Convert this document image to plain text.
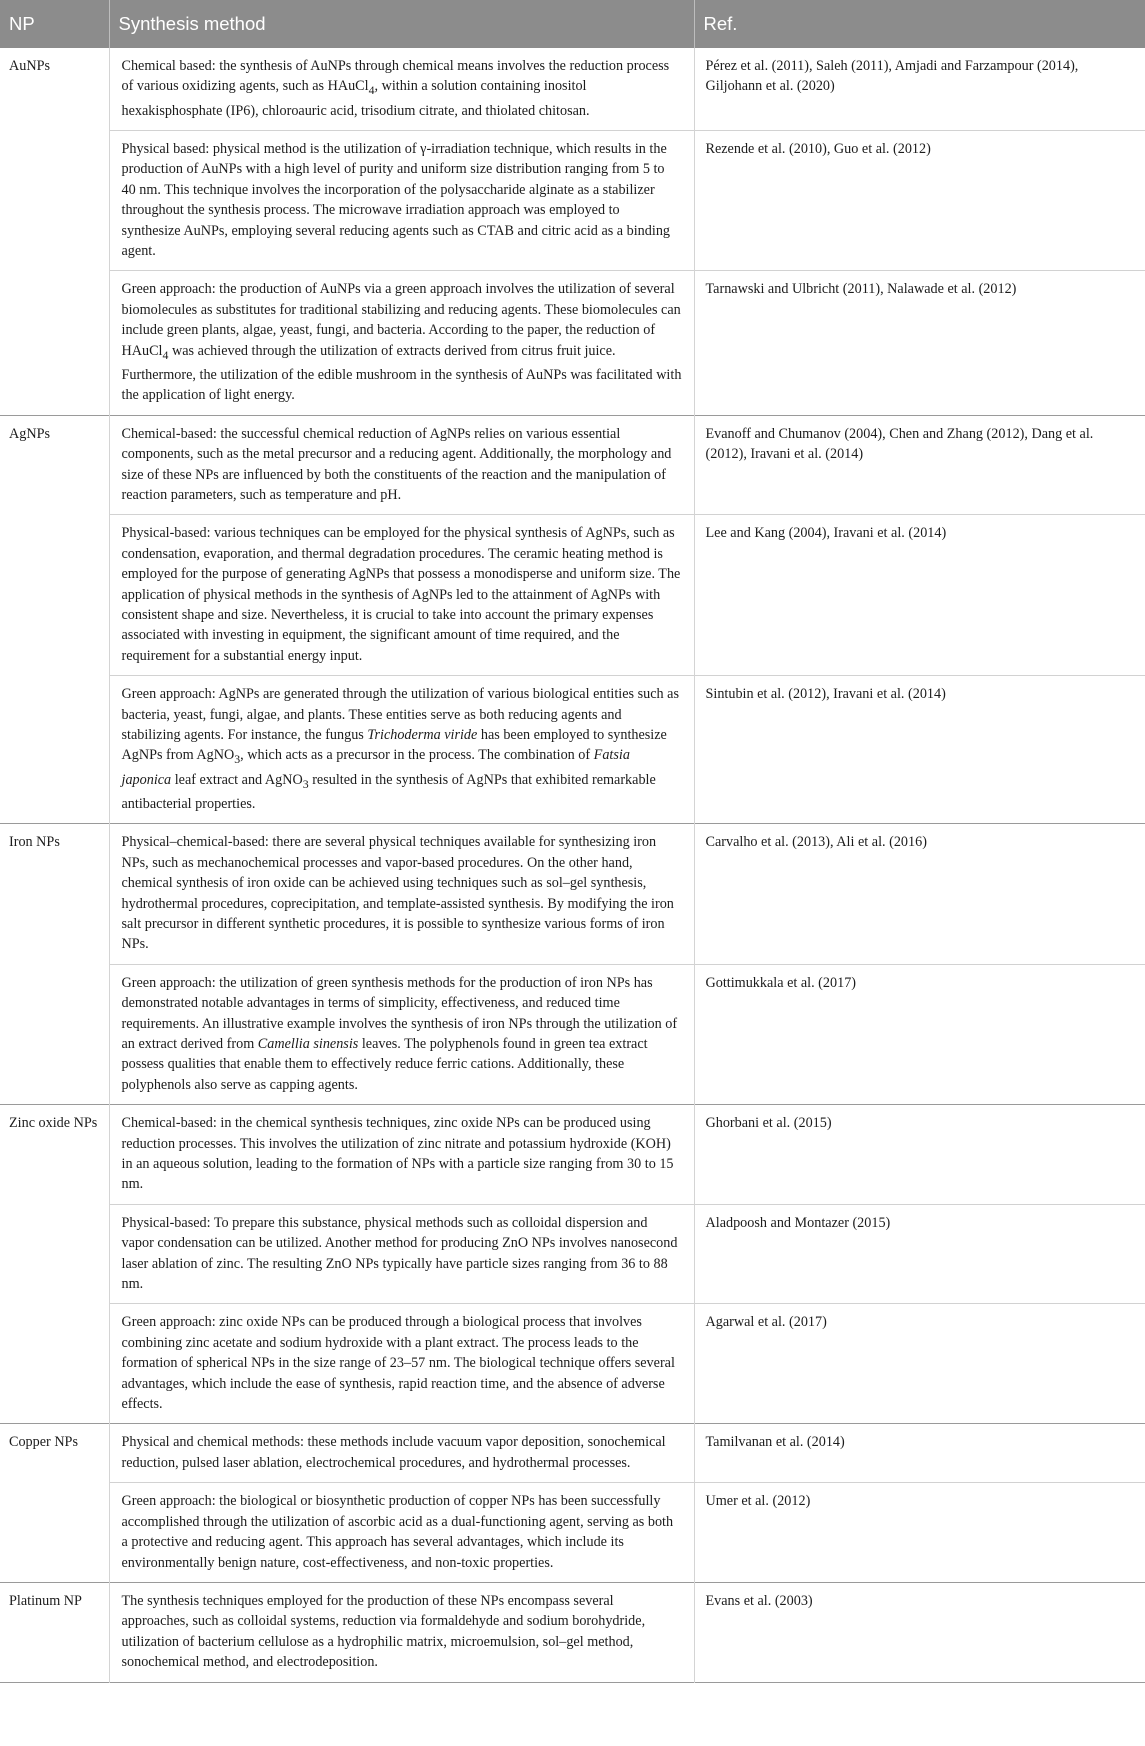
NP	Synthesis method	Ref.
AuNPs	Chemical based: the synthesis of AuNPs through chemical means involves the reduction process of various oxidizing agents, such as HAuCl$_4$, within a solution containing inositol hexakisphosphate (IP6), chloroauric acid, trisodium citrate, and thiolated chitosan.	Pérez et al. (2011), Saleh (2011), Amjadi and Farzampour (2014), Giljohann et al. (2020)
	Physical based: physical method is the utilization of γ-irradiation technique, which results in the production of AuNPs with a high level of purity and uniform size distribution ranging from 5 to 40 nm. This technique involves the incorporation of the polysaccharide alginate as a stabilizer throughout the synthesis process. The microwave irradiation approach was employed to synthesize AuNPs, employing several reducing agents such as CTAB and citric acid as a binding agent.	Rezende et al. (2010), Guo et al. (2012)
	Green approach: the production of AuNPs via a green approach involves the utilization of several biomolecules as substitutes for traditional stabilizing and reducing agents. These biomolecules can include green plants, algae, yeast, fungi, and bacteria. According to the paper, the reduction of HAuCl$_4$ was achieved through the utilization of extracts derived from citrus fruit juice. Furthermore, the utilization of the edible mushroom in the synthesis of AuNPs was facilitated with the application of light energy.	Tarnawski and Ulbricht (2011), Nalawade et al. (2012)
AgNPs	Chemical-based: the successful chemical reduction of AgNPs relies on various essential components, such as the metal precursor and a reducing agent. Additionally, the morphology and size of these NPs are influenced by both the constituents of the reaction and the manipulation of reaction parameters, such as temperature and pH.	Evanoff and Chumanov (2004), Chen and Zhang (2012), Dang et al. (2012), Iravani et al. (2014)
	Physical-based: various techniques can be employed for the physical synthesis of AgNPs, such as condensation, evaporation, and thermal degradation procedures. The ceramic heating method is employed for the purpose of generating AgNPs that possess a monodisperse and uniform size. The application of physical methods in the synthesis of AgNPs led to the attainment of AgNPs with consistent shape and size. Nevertheless, it is crucial to take into account the primary expenses associated with investing in equipment, the significant amount of time required, and the requirement for a substantial energy input.	Lee and Kang (2004), Iravani et al. (2014)
	Green approach: AgNPs are generated through the utilization of various biological entities such as bacteria, yeast, fungi, algae, and plants. These entities serve as both reducing agents and stabilizing agents. For instance, the fungus Trichoderma viride has been employed to synthesize AgNPs from AgNO$_3$, which acts as a precursor in the process. The combination of Fatsia japonica leaf extract and AgNO$_3$ resulted in the synthesis of AgNPs that exhibited remarkable antibacterial properties.	Sintubin et al. (2012), Iravani et al. (2014)
Iron NPs	Physical–chemical-based: there are several physical techniques available for synthesizing iron NPs, such as mechanochemical processes and vapor-based procedures. On the other hand, chemical synthesis of iron oxide can be achieved using techniques such as sol–gel synthesis, hydrothermal procedures, coprecipitation, and template-assisted synthesis. By modifying the iron salt precursor in different synthetic procedures, it is possible to synthesize various forms of iron NPs.	Carvalho et al. (2013), Ali et al. (2016)
	Green approach: the utilization of green synthesis methods for the production of iron NPs has demonstrated notable advantages in terms of simplicity, effectiveness, and reduced time requirements. An illustrative example involves the synthesis of iron NPs through the utilization of an extract derived from Camellia sinensis leaves. The polyphenols found in green tea extract possess qualities that enable them to effectively reduce ferric cations. Additionally, these polyphenols also serve as capping agents.	Gottimukkala et al. (2017)
Zinc oxide NPs	Chemical-based: in the chemical synthesis techniques, zinc oxide NPs can be produced using reduction processes. This involves the utilization of zinc nitrate and potassium hydroxide (KOH) in an aqueous solution, leading to the formation of NPs with a particle size ranging from 30 to 15 nm.	Ghorbani et al. (2015)
	Physical-based: To prepare this substance, physical methods such as colloidal dispersion and vapor condensation can be utilized. Another method for producing ZnO NPs involves nanosecond laser ablation of zinc. The resulting ZnO NPs typically have particle sizes ranging from 36 to 88 nm.	Aladpoosh and Montazer (2015)
	Green approach: zinc oxide NPs can be produced through a biological process that involves combining zinc acetate and sodium hydroxide with a plant extract. The process leads to the formation of spherical NPs in the size range of 23–57 nm. The biological technique offers several advantages, which include the ease of synthesis, rapid reaction time, and the absence of adverse effects.	Agarwal et al. (2017)
Copper NPs	Physical and chemical methods: these methods include vacuum vapor deposition, sonochemical reduction, pulsed laser ablation, electrochemical procedures, and hydrothermal processes.	Tamilvanan et al. (2014)
	Green approach: the biological or biosynthetic production of copper NPs has been successfully accomplished through the utilization of ascorbic acid as a dual-functioning agent, serving as both a protective and reducing agent. This approach has several advantages, which include its environmentally benign nature, cost-effectiveness, and non-toxic properties.	Umer et al. (2012)
Platinum NP	The synthesis techniques employed for the production of these NPs encompass several approaches, such as colloidal systems, reduction via formaldehyde and sodium borohydride, utilization of bacterium cellulose as a hydrophilic matrix, microemulsion, sol–gel method, sonochemical method, and electrodeposition.	Evans et al. (2003)
